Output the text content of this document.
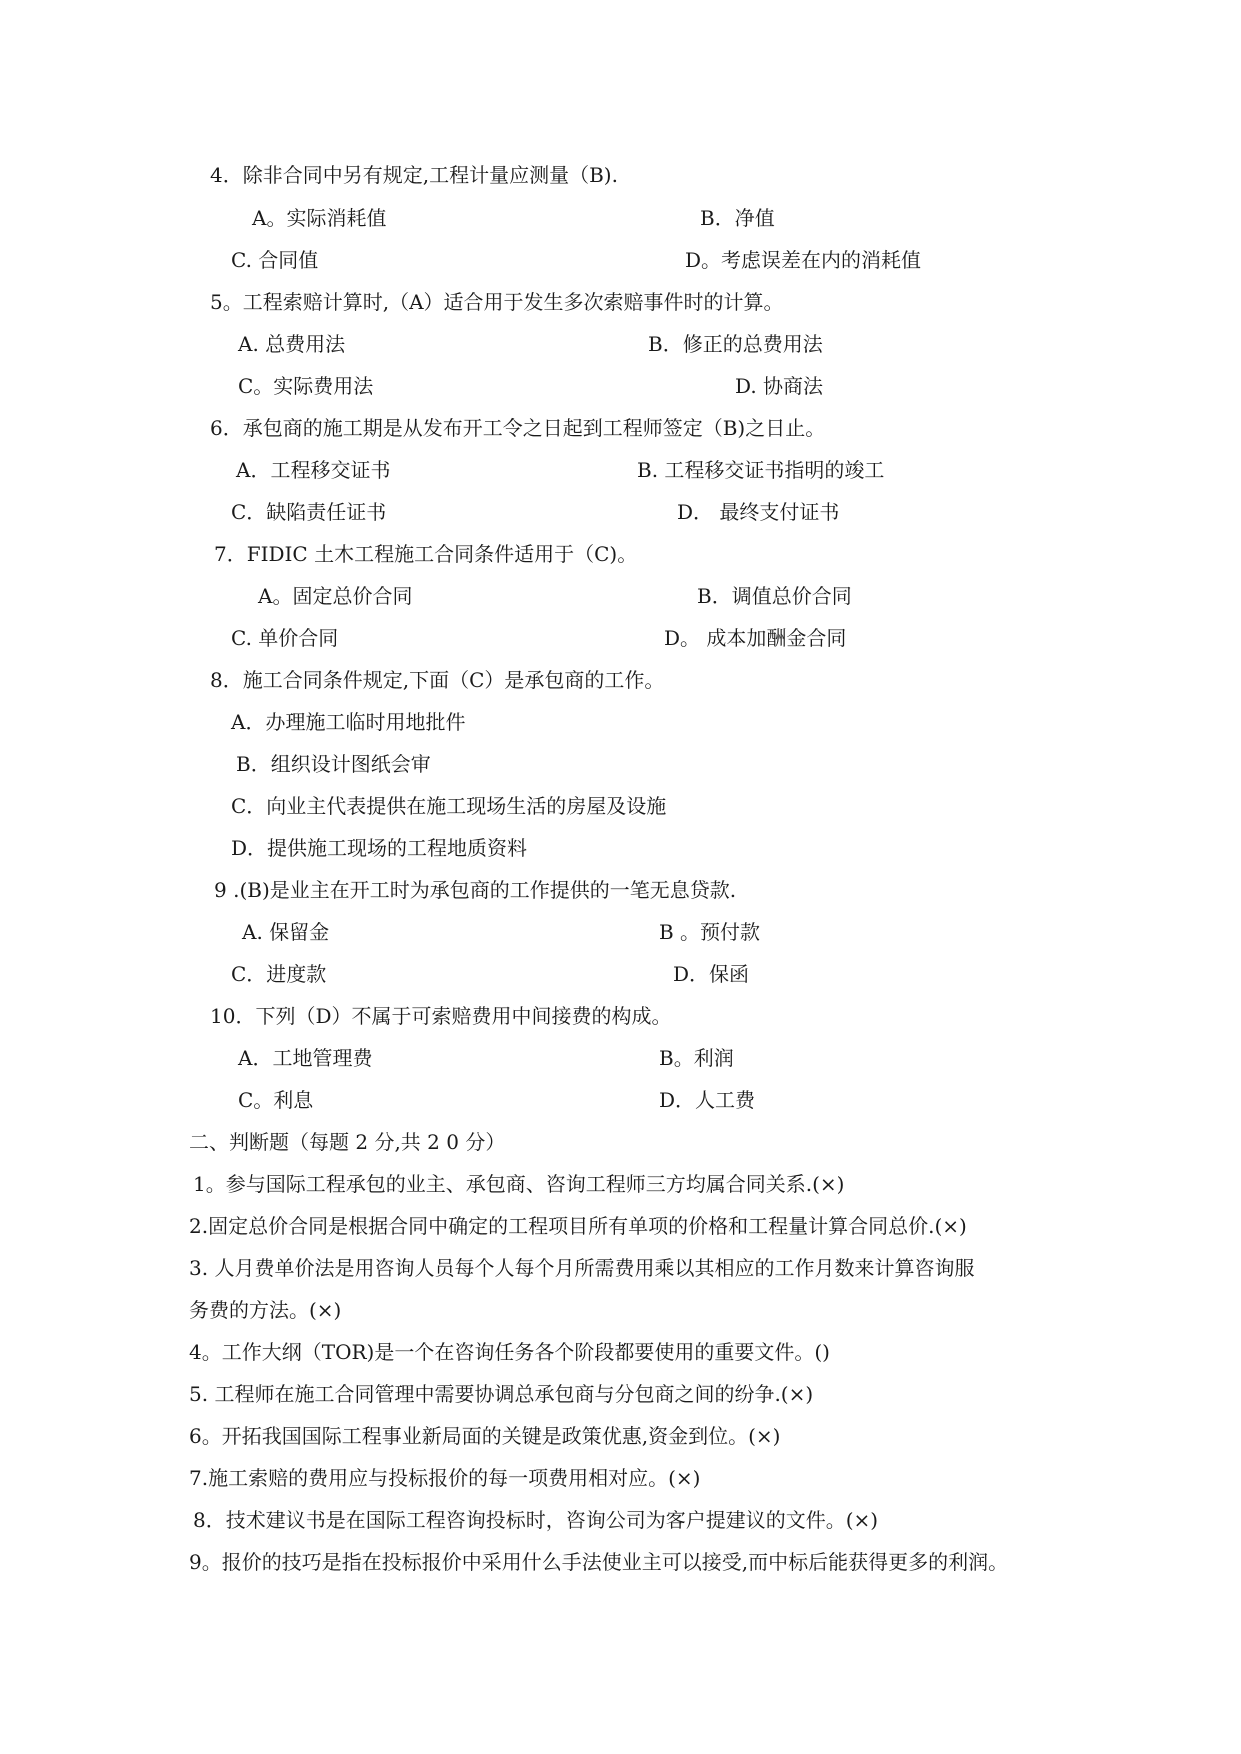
4．除非合同中另有规定,工程计量应测量（B).
A。实际消耗值	B．净值
C. 合同值	D。考虑误差在内的消耗值
5。工程索赔计算时,（A）适合用于发生多次索赔事件时的计算。
A. 总费用法	B．修正的总费用法
C。实际费用法	D. 协商法
6．承包商的施工期是从发布开工令之日起到工程师签定（B)之日止。
A．工程移交证书	B. 工程移交证书指明的竣工
C．缺陷责任证书	D． 最终支付证书
7．FIDIC 土木工程施工合同条件适用于（C)。
A。固定总价合同	B．调值总价合同
C. 单价合同	D。 成本加酬金合同
8．施工合同条件规定,下面（C）是承包商的工作。
A．办理施工临时用地批件
B．组织设计图纸会审
C．向业主代表提供在施工现场生活的房屋及设施
D．提供施工现场的工程地质资料
9 .(B)是业主在开工时为承包商的工作提供的一笔无息贷款.
A. 保留金	B 。预付款
C．进度款	D．保函
10．下列（D）不属于可索赔费用中间接费的构成。
A．工地管理费	B。利润
C。利息	D．人工费
二、判断题（每题 2 分,共 2 0 分）
1。参与国际工程承包的业主、承包商、咨询工程师三方均属合同关系.(×)
2.固定总价合同是根据合同中确定的工程项目所有单项的价格和工程量计算合同总价.(×)
3. 人月费单价法是用咨询人员每个人每个月所需费用乘以其相应的工作月数来计算咨询服
务费的方法。(×)
4。工作大纲（TOR)是一个在咨询任务各个阶段都要使用的重要文件。()
5. 工程师在施工合同管理中需要协调总承包商与分包商之间的纷争.(×)
6。开拓我国国际工程事业新局面的关键是政策优惠,资金到位。(×)
7.施工索赔的费用应与投标报价的每一项费用相对应。(×)
8．技术建议书是在国际工程咨询投标时，咨询公司为客户提建议的文件。(×)
9。报价的技巧是指在投标报价中采用什么手法使业主可以接受,而中标后能获得更多的利润。
